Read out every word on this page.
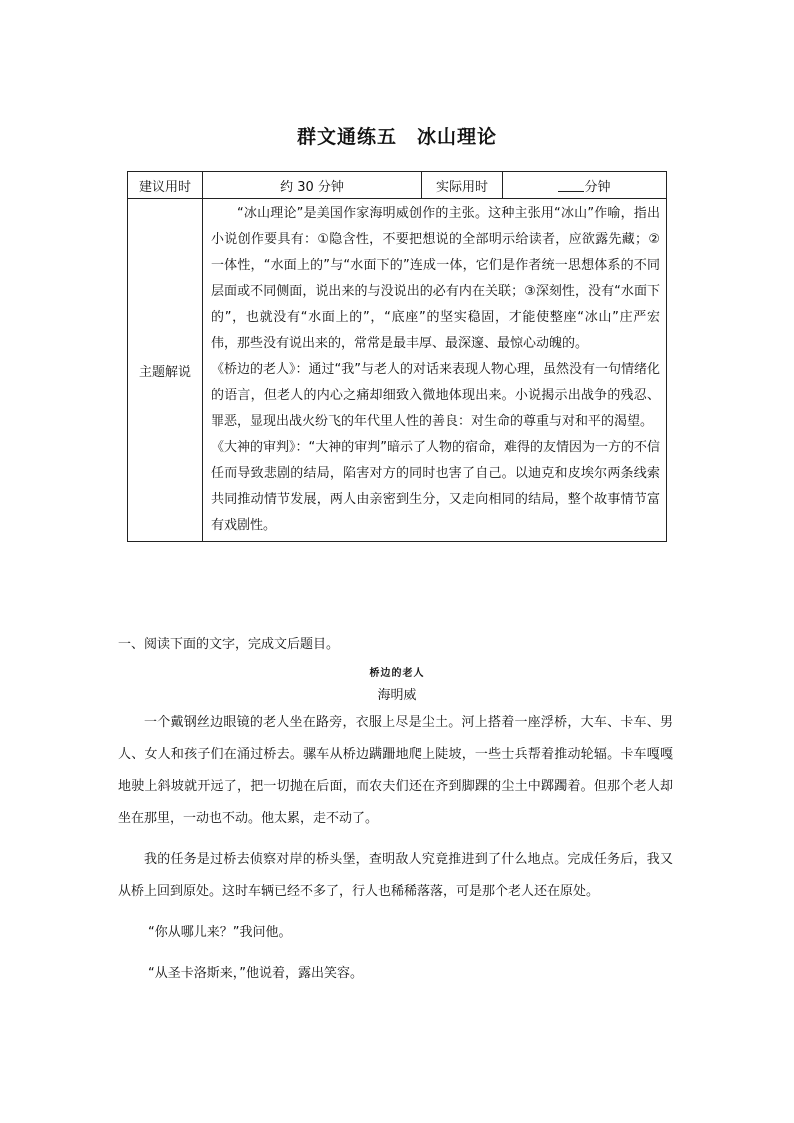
群文通练五　冰山理论
建议用时	约 30 分钟	实际用时	分钟
主题解说	“冰山理论”是美国作家海明威创作的主张。这种主张用“冰山”作喻，指出小说创作要具有：①隐含性，不要把想说的全部明示给读者，应欲露先藏；②一体性，“水面上的”与“水面下的”连成一体，它们是作者统一思想体系的不同层面或不同侧面，说出来的与没说出的必有内在关联；③深刻性，没有“水面下的”，也就没有“水面上的”，“底座”的坚实稳固，才能使整座“冰山”庄严宏伟，那些没有说出来的，常常是最丰厚、最深邃、最惊心动魄的。

《桥边的老人》：通过“我”与老人的对话来表现人物心理，虽然没有一句情绪化的语言，但老人的内心之痛却细致入微地体现出来。小说揭示出战争的残忍、罪恶，显现出战火纷飞的年代里人性的善良：对生命的尊重与对和平的渴望。

《大神的审判》：“大神的审判”暗示了人物的宿命，难得的友情因为一方的不信任而导致悲剧的结局，陷害对方的同时也害了自己。以迪克和皮埃尔两条线索共同推动情节发展，两人由亲密到生分，又走向相同的结局，整个故事情节富有戏剧性。		

一、阅读下面的文字，完成文后题目。
桥边的老人
海明威

一个戴钢丝边眼镜的老人坐在路旁，衣服上尽是尘土。河上搭着一座浮桥，大车、卡车、男人、女人和孩子们在涌过桥去。骡车从桥边蹒跚地爬上陡坡，一些士兵帮着推动轮辐。卡车嘎嘎地驶上斜坡就开远了，把一切抛在后面，而农夫们还在齐到脚踝的尘土中踯躅着。但那个老人却坐在那里，一动也不动。他太累，走不动了。

我的任务是过桥去侦察对岸的桥头堡，查明敌人究竟推进到了什么地点。完成任务后，我又从桥上回到原处。这时车辆已经不多了，行人也稀稀落落，可是那个老人还在原处。

“你从哪儿来？”我问他。

“从圣卡洛斯来，”他说着，露出笑容。
